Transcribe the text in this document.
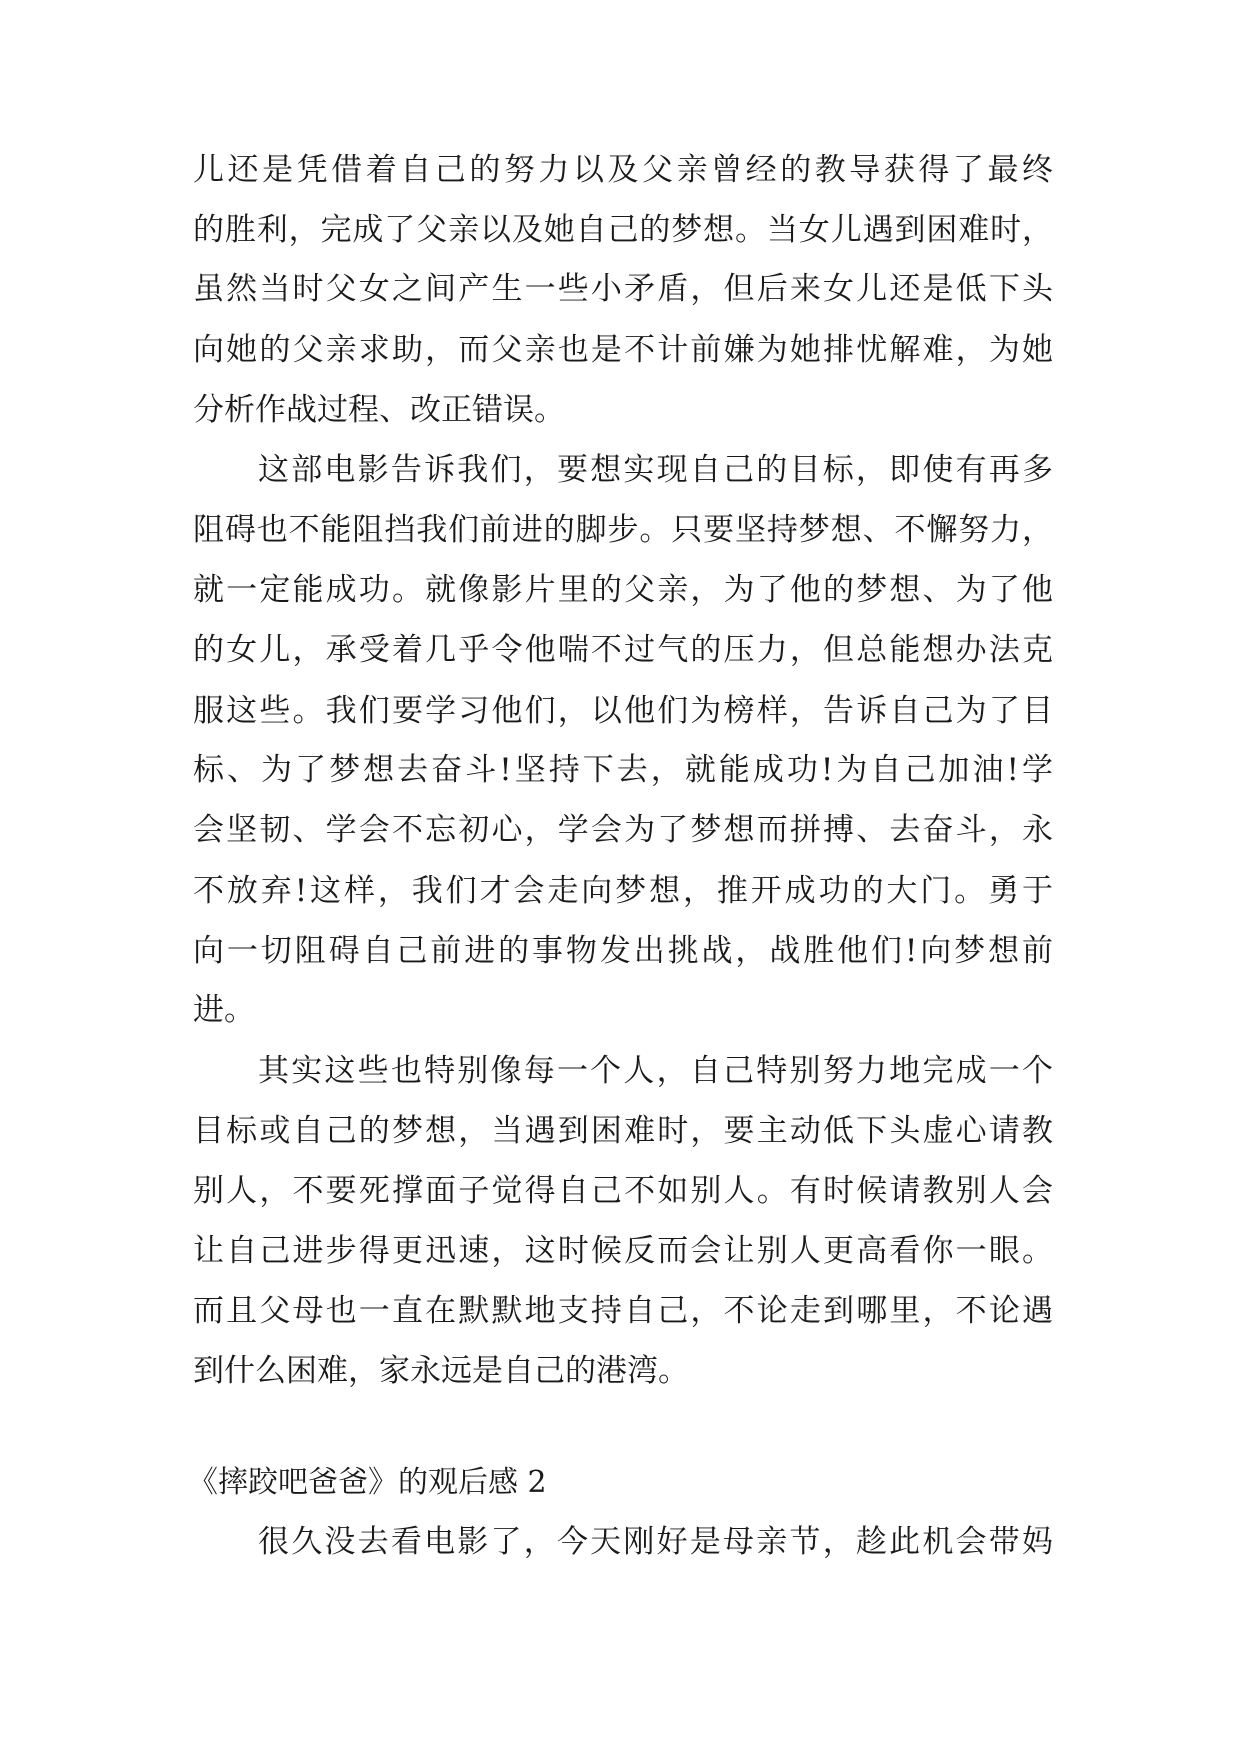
儿还是凭借着自己的努力以及父亲曾经的教导获得了最终
的胜利，完成了父亲以及她自己的梦想。当女儿遇到困难时，
虽然当时父女之间产生一些小矛盾，但后来女儿还是低下头
向她的父亲求助，而父亲也是不计前嫌为她排忧解难，为她
分析作战过程、改正错误。
这部电影告诉我们，要想实现自己的目标，即使有再多
阻碍也不能阻挡我们前进的脚步。只要坚持梦想、不懈努力，
就一定能成功。就像影片里的父亲，为了他的梦想、为了他
的女儿，承受着几乎令他喘不过气的压力，但总能想办法克
服这些。我们要学习他们，以他们为榜样，告诉自己为了目
标、为了梦想去奋斗!坚持下去，就能成功!为自己加油!学
会坚韧、学会不忘初心，学会为了梦想而拼搏、去奋斗，永
不放弃!这样，我们才会走向梦想，推开成功的大门。勇于
向一切阻碍自己前进的事物发出挑战，战胜他们!向梦想前
进。
其实这些也特别像每一个人，自己特别努力地完成一个
目标或自己的梦想，当遇到困难时，要主动低下头虚心请教
别人，不要死撑面子觉得自己不如别人。有时候请教别人会
让自己进步得更迅速，这时候反而会让别人更高看你一眼。
而且父母也一直在默默地支持自己，不论走到哪里，不论遇
到什么困难，家永远是自己的港湾。
《摔跤吧爸爸》的观后感 2
很久没去看电影了，今天刚好是母亲节，趁此机会带妈
